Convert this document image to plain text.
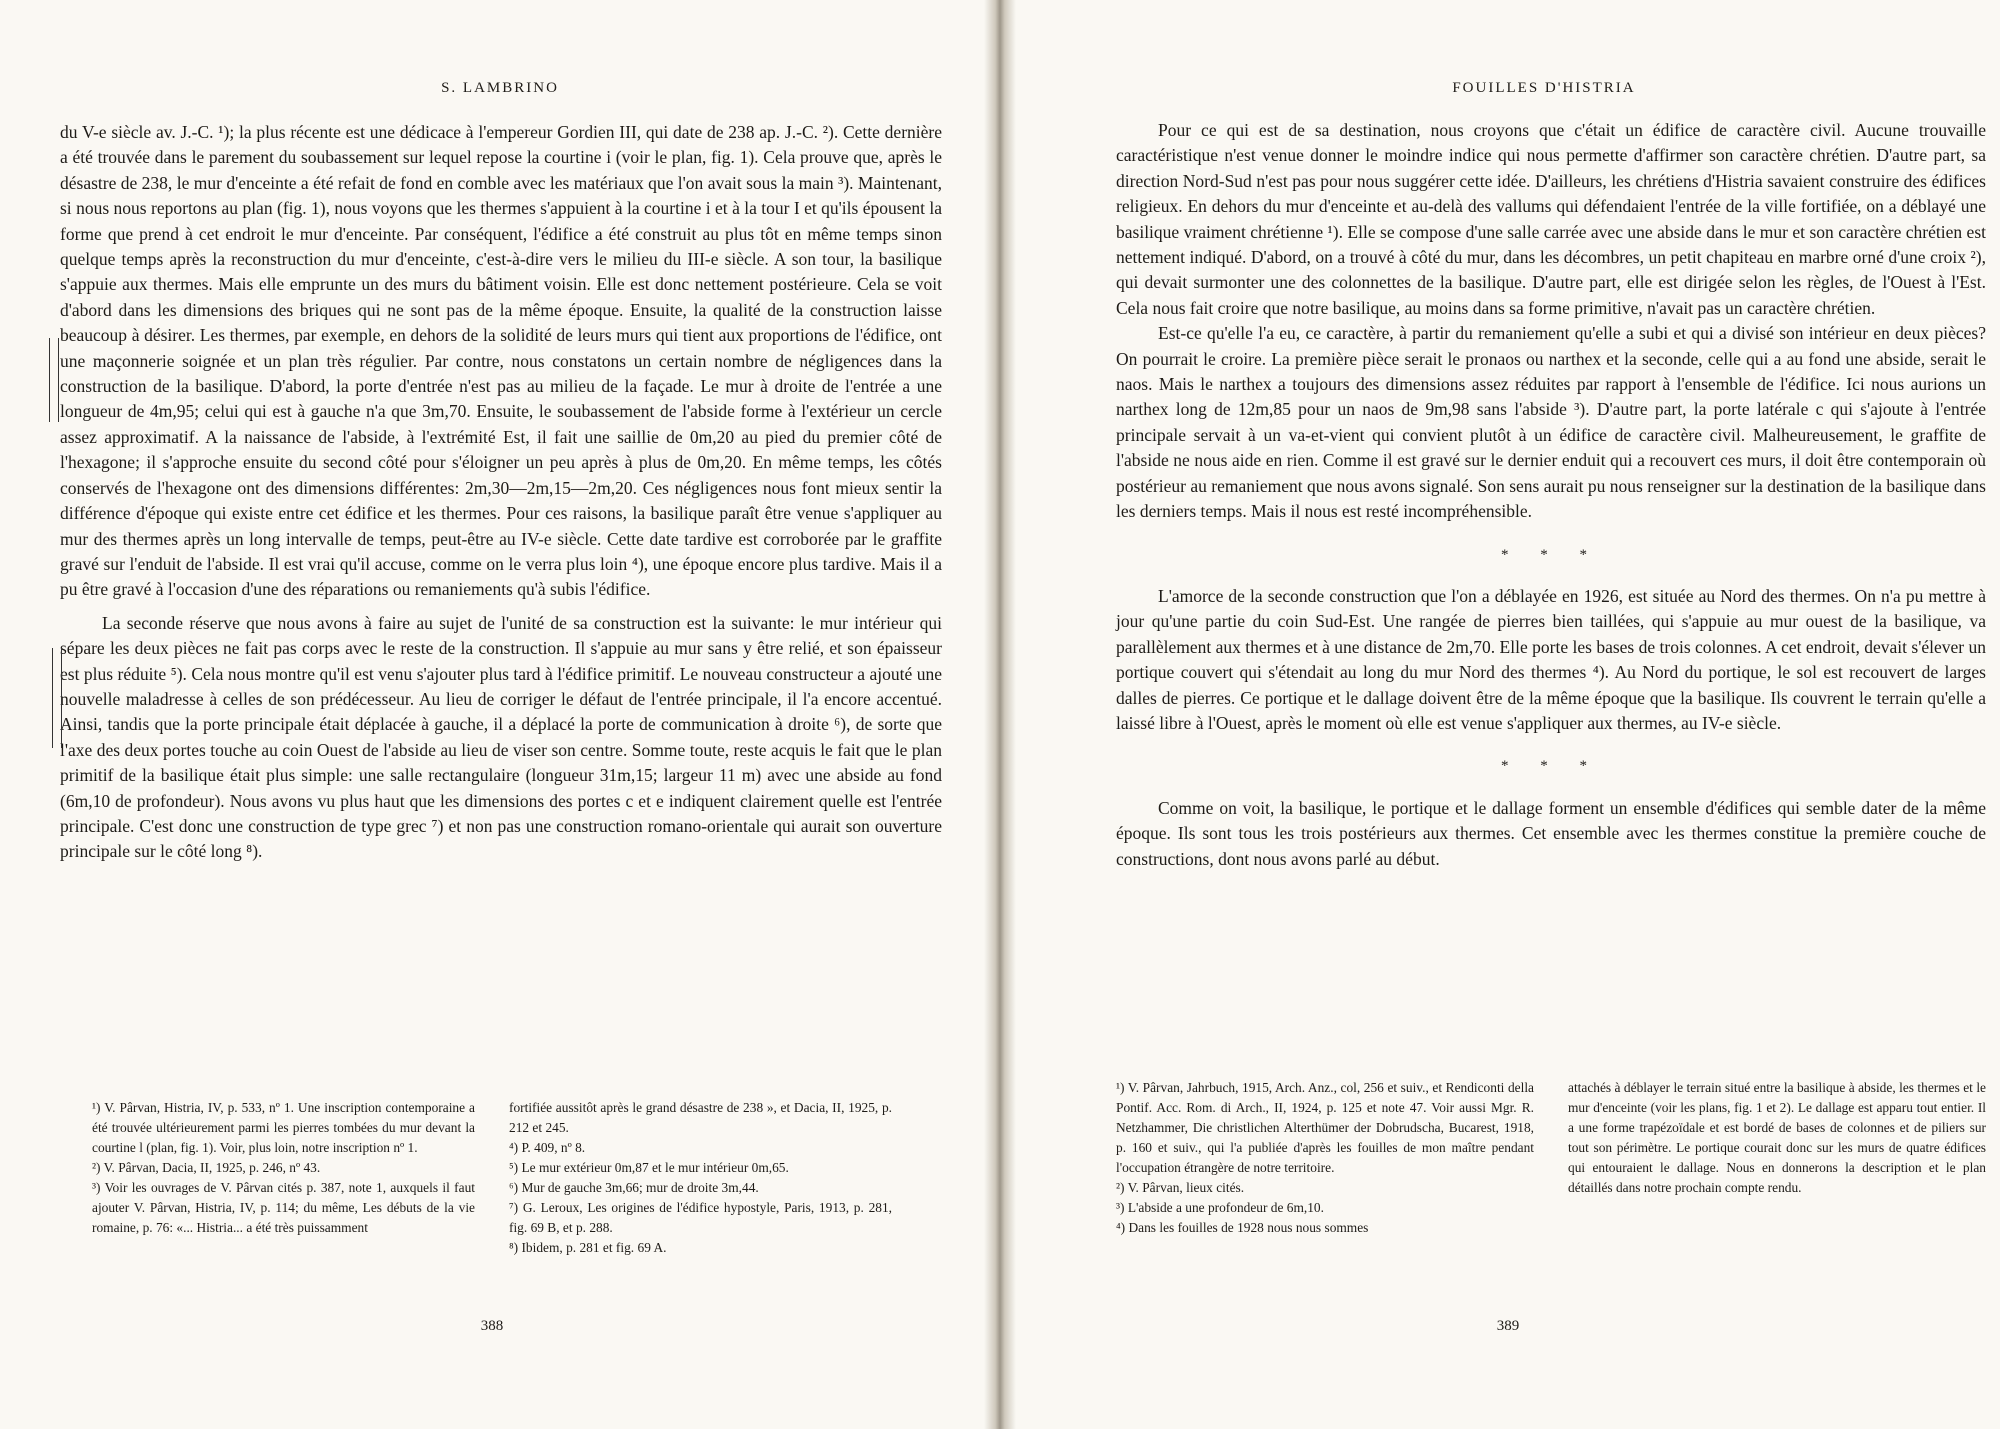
S. LAMBRINO

du V-e siècle av. J.-C. ¹); la plus récente est une dédicace à l'empereur Gordien III, qui date de 238 ap. J.-C. ²). Cette dernière a été trouvée dans le parement du soubassement sur lequel repose la courtine i (voir le plan, fig. 1). Cela prouve que, après le désastre de 238, le mur d'enceinte a été refait de fond en comble avec les matériaux que l'on avait sous la main ³). Maintenant, si nous nous reportons au plan (fig. 1), nous voyons que les thermes s'appuient à la courtine i et à la tour I et qu'ils épousent la forme que prend à cet endroit le mur d'enceinte. Par conséquent, l'édifice a été construit au plus tôt en même temps sinon quelque temps après la reconstruction du mur d'enceinte, c'est-à-dire vers le milieu du III-e siècle. A son tour, la basilique s'appuie aux thermes. Mais elle emprunte un des murs du bâtiment voisin. Elle est donc nettement postérieure. Cela se voit d'abord dans les dimensions des briques qui ne sont pas de la même époque. Ensuite, la qualité de la construction laisse beaucoup à désirer. Les thermes, par exemple, en dehors de la solidité de leurs murs qui tient aux proportions de l'édifice, ont une maçonnerie soignée et un plan très régulier. Par contre, nous constatons un certain nombre de négligences dans la construction de la basilique. D'abord, la porte d'entrée n'est pas au milieu de la façade. Le mur à droite de l'entrée a une longueur de 4m,95; celui qui est à gauche n'a que 3m,70. Ensuite, le soubassement de l'abside forme à l'extérieur un cercle assez approximatif. A la naissance de l'abside, à l'extrémité Est, il fait une saillie de 0m,20 au pied du premier côté de l'hexagone; il s'approche ensuite du second côté pour s'éloigner un peu après à plus de 0m,20. En même temps, les côtés conservés de l'hexagone ont des dimensions différentes: 2m,30—2m,15—2m,20. Ces négligences nous font mieux sentir la différence d'époque qui existe entre cet édifice et les thermes. Pour ces raisons, la basilique paraît être venue s'appliquer au mur des thermes après un long intervalle de temps, peut-être au IV-e siècle. Cette date tardive est corroborée par le graffite gravé sur l'enduit de l'abside. Il est vrai qu'il accuse, comme on le verra plus loin ⁴), une époque encore plus tardive. Mais il a pu être gravé à l'occasion d'une des réparations ou remaniements qu'à subis l'édifice.

La seconde réserve que nous avons à faire au sujet de l'unité de sa construction est la suivante: le mur intérieur qui sépare les deux pièces ne fait pas corps avec le reste de la construction. Il s'appuie au mur sans y être relié, et son épaisseur est plus réduite ⁵). Cela nous montre qu'il est venu s'ajouter plus tard à l'édifice primitif. Le nouveau constructeur a ajouté une nouvelle maladresse à celles de son prédécesseur. Au lieu de corriger le défaut de l'entrée principale, il l'a encore accentué. Ainsi, tandis que la porte principale était déplacée à gauche, il a déplacé la porte de communication à droite ⁶), de sorte que l'axe des deux portes touche au coin Ouest de l'abside au lieu de viser son centre. Somme toute, reste acquis le fait que le plan primitif de la basilique était plus simple: une salle rectangulaire (longueur 31m,15; largeur 11 m) avec une abside au fond (6m,10 de profondeur). Nous avons vu plus haut que les dimensions des portes c et e indiquent clairement quelle est l'entrée principale. C'est donc une construction de type grec ⁷) et non pas une construction romano-orientale qui aurait son ouverture principale sur le côté long ⁸).

¹) V. Pârvan, Histria, IV, p. 533, nº 1. Une inscription contemporaine a été trouvée ultérieurement parmi les pierres tombées du mur devant la courtine l (plan, fig. 1). Voir, plus loin, notre inscription nº 1.

²) V. Pârvan, Dacia, II, 1925, p. 246, nº 43.

³) Voir les ouvrages de V. Pârvan cités p. 387, note 1, auxquels il faut ajouter V. Pârvan, Histria, IV, p. 114; du même, Les débuts de la vie romaine, p. 76: «... Histria... a été très puissamment

fortifiée aussitôt après le grand désastre de 238 », et Dacia, II, 1925, p. 212 et 245.

⁴) P. 409, nº 8.

⁵) Le mur extérieur 0m,87 et le mur intérieur 0m,65.

⁶) Mur de gauche 3m,66; mur de droite 3m,44.

⁷) G. Leroux, Les origines de l'édifice hypostyle, Paris, 1913, p. 281, fig. 69 B, et p. 288.

⁸) Ibidem, p. 281 et fig. 69 A.

388
FOUILLES D'HISTRIA

Pour ce qui est de sa destination, nous croyons que c'était un édifice de caractère civil. Aucune trouvaille caractéristique n'est venue donner le moindre indice qui nous permette d'affirmer son caractère chrétien. D'autre part, sa direction Nord-Sud n'est pas pour nous suggérer cette idée. D'ailleurs, les chrétiens d'Histria savaient construire des édifices religieux. En dehors du mur d'enceinte et au-delà des vallums qui défendaient l'entrée de la ville fortifiée, on a déblayé une basilique vraiment chrétienne ¹). Elle se compose d'une salle carrée avec une abside dans le mur et son caractère chrétien est nettement indiqué. D'abord, on a trouvé à côté du mur, dans les décombres, un petit chapiteau en marbre orné d'une croix ²), qui devait surmonter une des colonnettes de la basilique. D'autre part, elle est dirigée selon les règles, de l'Ouest à l'Est. Cela nous fait croire que notre basilique, au moins dans sa forme primitive, n'avait pas un caractère chrétien.

Est-ce qu'elle l'a eu, ce caractère, à partir du remaniement qu'elle a subi et qui a divisé son intérieur en deux pièces? On pourrait le croire. La première pièce serait le pronaos ou narthex et la seconde, celle qui a au fond une abside, serait le naos. Mais le narthex a toujours des dimensions assez réduites par rapport à l'ensemble de l'édifice. Ici nous aurions un narthex long de 12m,85 pour un naos de 9m,98 sans l'abside ³). D'autre part, la porte latérale c qui s'ajoute à l'entrée principale servait à un va-et-vient qui convient plutôt à un édifice de caractère civil. Malheureusement, le graffite de l'abside ne nous aide en rien. Comme il est gravé sur le dernier enduit qui a recouvert ces murs, il doit être contemporain où postérieur au remaniement que nous avons signalé. Son sens aurait pu nous renseigner sur la destination de la basilique dans les derniers temps. Mais il nous est resté incompréhensible.

* * *

L'amorce de la seconde construction que l'on a déblayée en 1926, est située au Nord des thermes. On n'a pu mettre à jour qu'une partie du coin Sud-Est. Une rangée de pierres bien taillées, qui s'appuie au mur ouest de la basilique, va parallèlement aux thermes et à une distance de 2m,70. Elle porte les bases de trois colonnes. A cet endroit, devait s'élever un portique couvert qui s'étendait au long du mur Nord des thermes ⁴). Au Nord du portique, le sol est recouvert de larges dalles de pierres. Ce portique et le dallage doivent être de la même époque que la basilique. Ils couvrent le terrain qu'elle a laissé libre à l'Ouest, après le moment où elle est venue s'appliquer aux thermes, au IV-e siècle.

* * *

Comme on voit, la basilique, le portique et le dallage forment un ensemble d'édifices qui semble dater de la même époque. Ils sont tous les trois postérieurs aux thermes. Cet ensemble avec les thermes constitue la première couche de constructions, dont nous avons parlé au début.

¹) V. Pârvan, Jahrbuch, 1915, Arch. Anz., col, 256 et suiv., et Rendiconti della Pontif. Acc. Rom. di Arch., II, 1924, p. 125 et note 47. Voir aussi Mgr. R. Netzhammer, Die christlichen Alterthümer der Dobrudscha, Bucarest, 1918, p. 160 et suiv., qui l'a publiée d'après les fouilles de mon maître pendant l'occupation étrangère de notre territoire.

²) V. Pârvan, lieux cités.

³) L'abside a une profondeur de 6m,10.

⁴) Dans les fouilles de 1928 nous nous sommes

attachés à déblayer le terrain situé entre la basilique à abside, les thermes et le mur d'enceinte (voir les plans, fig. 1 et 2). Le dallage est apparu tout entier. Il a une forme trapézoïdale et est bordé de bases de colonnes et de piliers sur tout son périmètre. Le portique courait donc sur les murs de quatre édifices qui entouraient le dallage. Nous en donnerons la description et le plan détaillés dans notre prochain compte rendu.

389
